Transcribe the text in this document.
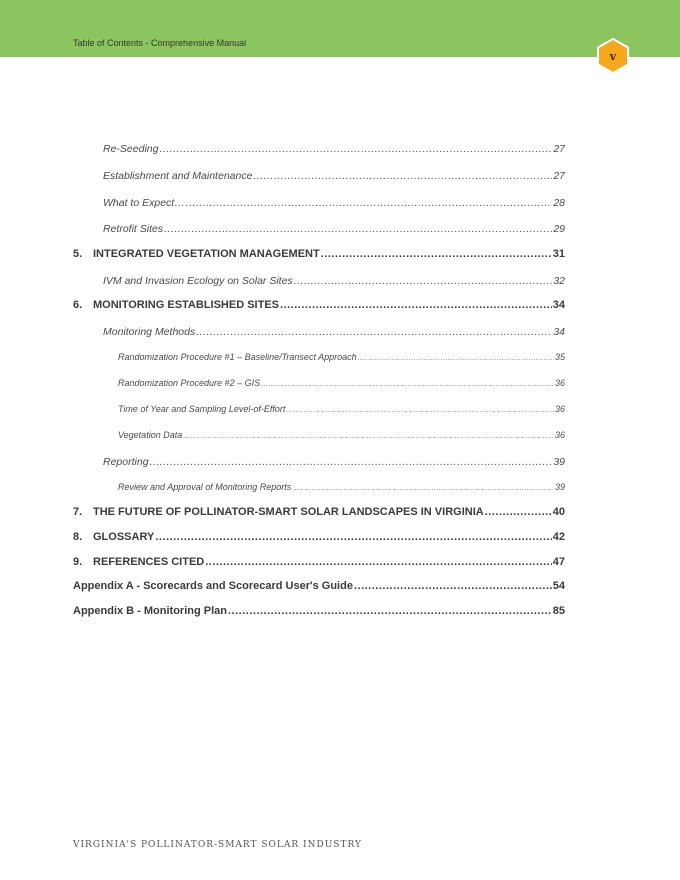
Table of Contents - Comprehensive Manual
v
Re-Seeding .....	27
Establishment and Maintenance .....	27
What to Expect… .....	28
Retrofit Sites .....	29
5. INTEGRATED VEGETATION MANAGEMENT .....	31
IVM and Invasion Ecology on Solar Sites .....	32
6. MONITORING ESTABLISHED SITES .....	34
Monitoring Methods .....	34
Randomization Procedure #1 – Baseline/Transect Approach .....	35
Randomization Procedure #2 – GIS .....	36
Time of Year and Sampling Level-of-Effort .....	36
Vegetation Data .....	36
Reporting .....	39
Review and Approval of Monitoring Reports .....	39
7. THE FUTURE OF POLLINATOR-SMART SOLAR LANDSCAPES IN VIRGINIA .....	40
8. GLOSSARY .....	42
9. REFERENCES CITED .....	47
Appendix A - Scorecards and Scorecard User's Guide .....	54
Appendix B - Monitoring Plan .....	85
VIRGINIA'S POLLINATOR-SMART SOLAR INDUSTRY
